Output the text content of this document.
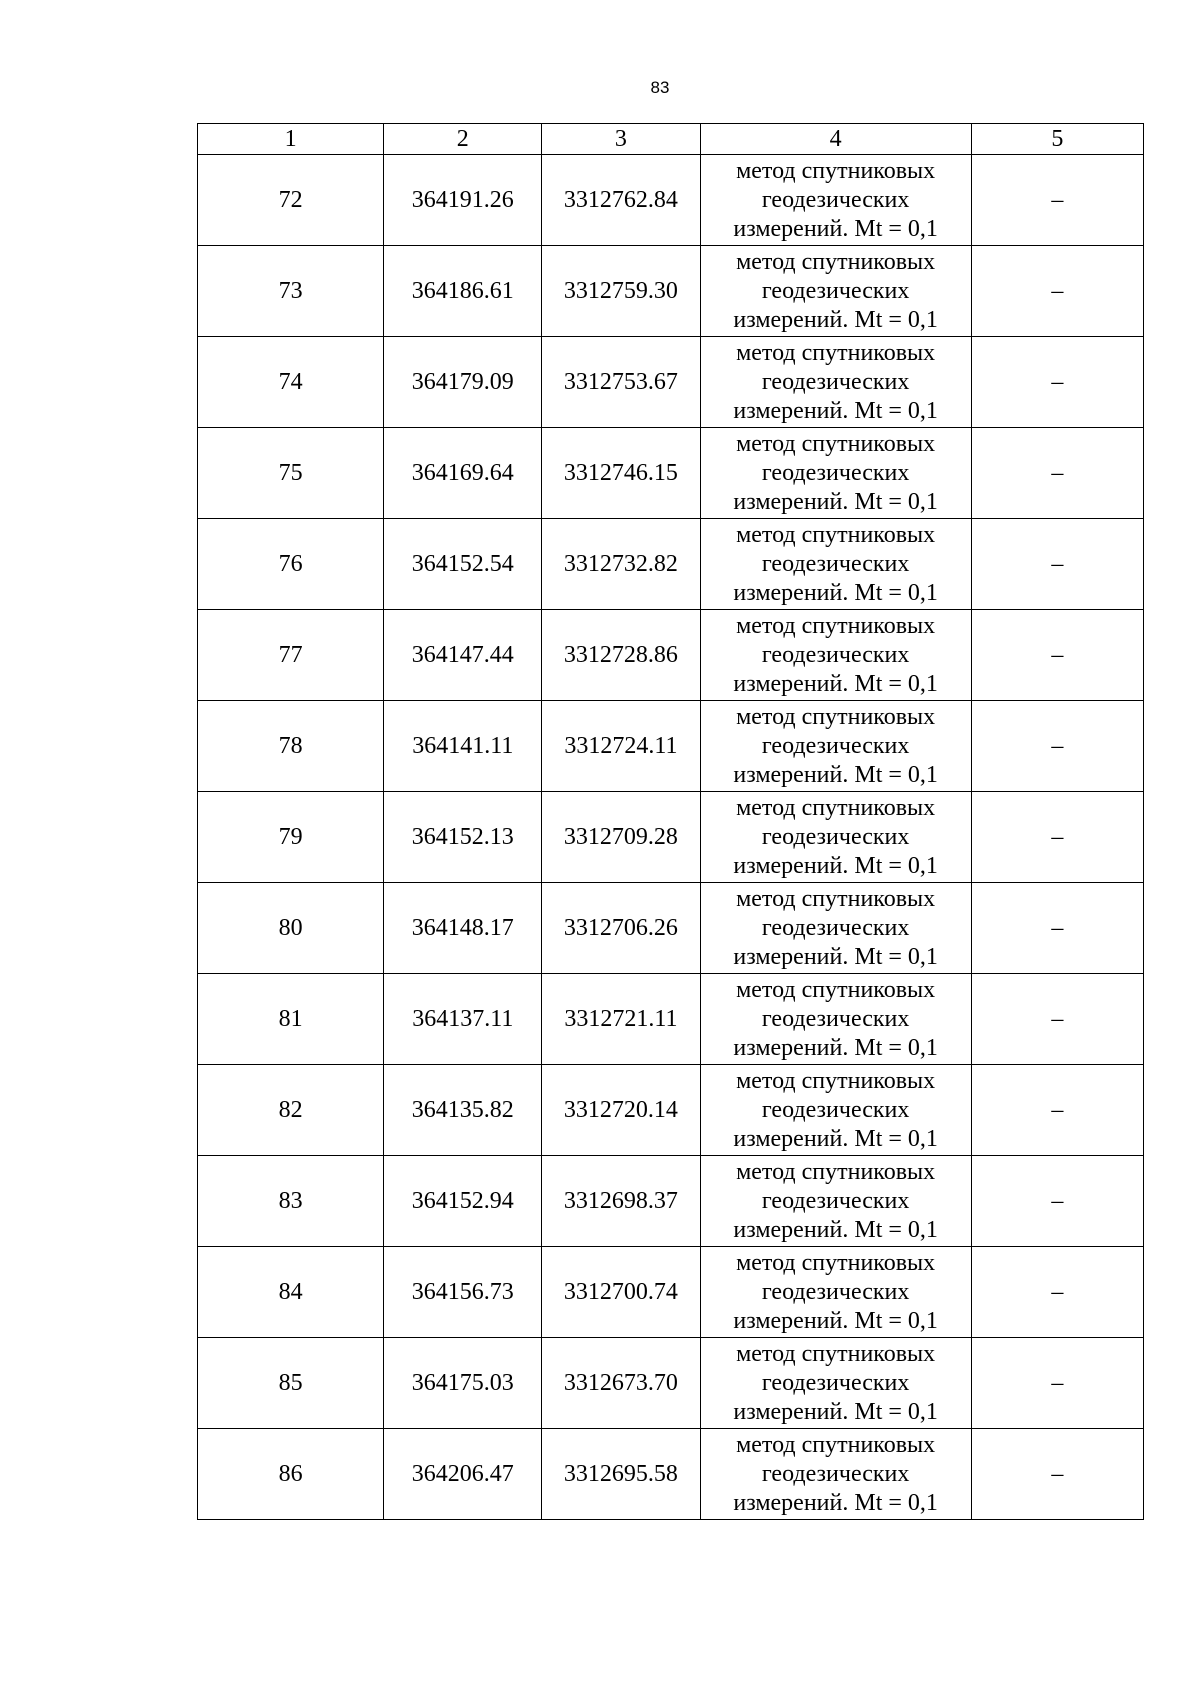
83
1	2	3	4	5
72	364191.26	3312762.84	метод спутниковых
геодезических
измерений. Mt = 0,1	–
73	364186.61	3312759.30	метод спутниковых
геодезических
измерений. Mt = 0,1	–
74	364179.09	3312753.67	метод спутниковых
геодезических
измерений. Mt = 0,1	–
75	364169.64	3312746.15	метод спутниковых
геодезических
измерений. Mt = 0,1	–
76	364152.54	3312732.82	метод спутниковых
геодезических
измерений. Mt = 0,1	–
77	364147.44	3312728.86	метод спутниковых
геодезических
измерений. Mt = 0,1	–
78	364141.11	3312724.11	метод спутниковых
геодезических
измерений. Mt = 0,1	–
79	364152.13	3312709.28	метод спутниковых
геодезических
измерений. Mt = 0,1	–
80	364148.17	3312706.26	метод спутниковых
геодезических
измерений. Mt = 0,1	–
81	364137.11	3312721.11	метод спутниковых
геодезических
измерений. Mt = 0,1	–
82	364135.82	3312720.14	метод спутниковых
геодезических
измерений. Mt = 0,1	–
83	364152.94	3312698.37	метод спутниковых
геодезических
измерений. Mt = 0,1	–
84	364156.73	3312700.74	метод спутниковых
геодезических
измерений. Mt = 0,1	–
85	364175.03	3312673.70	метод спутниковых
геодезических
измерений. Mt = 0,1	–
86	364206.47	3312695.58	метод спутниковых
геодезических
измерений. Mt = 0,1	–
